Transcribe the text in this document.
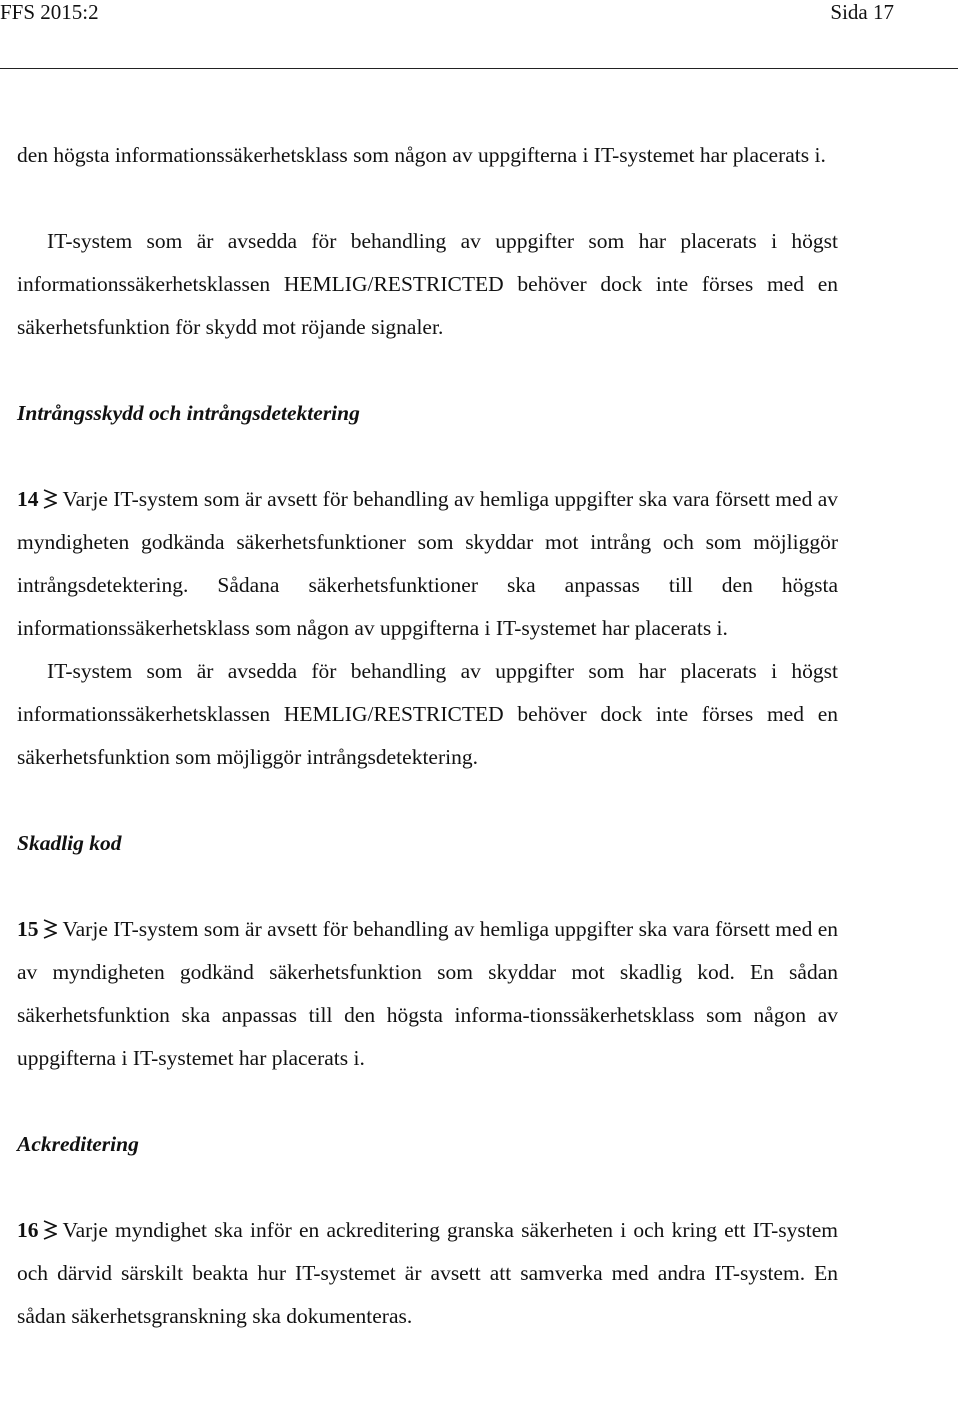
FFS 2015:2	Sida 17

den högsta informationssäkerhetsklass som någon av uppgifterna i IT-systemet har placerats i.

IT-system som är avsedda för behandling av uppgifter som har placerats i högst informationssäkerhetsklassen HEMLIG/RESTRICTED behöver dock inte förses med en säkerhetsfunktion för skydd mot röjande signaler.

Intrångsskydd och intrångsdetektering

14 Varje IT-system som är avsett för behandling av hemliga uppgifter ska vara försett med av myndigheten godkända säkerhetsfunktioner som skyddar mot intrång och som möjliggör intrångsdetektering. Sådana säkerhetsfunktioner ska anpassas till den högsta informationssäkerhetsklass som någon av uppgifterna i IT-systemet har placerats i.

IT-system som är avsedda för behandling av uppgifter som har placerats i högst informationssäkerhetsklassen HEMLIG/RESTRICTED behöver dock inte förses med en säkerhetsfunktion som möjliggör intrångsdetektering.

Skadlig kod

15 Varje IT-system som är avsett för behandling av hemliga uppgifter ska vara försett med en av myndigheten godkänd säkerhetsfunktion som skyddar mot skadlig kod. En sådan säkerhetsfunktion ska anpassas till den högsta informa-tionssäkerhetsklass som någon av uppgifterna i IT-systemet har placerats i.

Ackreditering

16 Varje myndighet ska inför en ackreditering granska säkerheten i och kring ett IT-system och därvid särskilt beakta hur IT-systemet är avsett att samverka med andra IT-system. En sådan säkerhetsgranskning ska dokumenteras.
